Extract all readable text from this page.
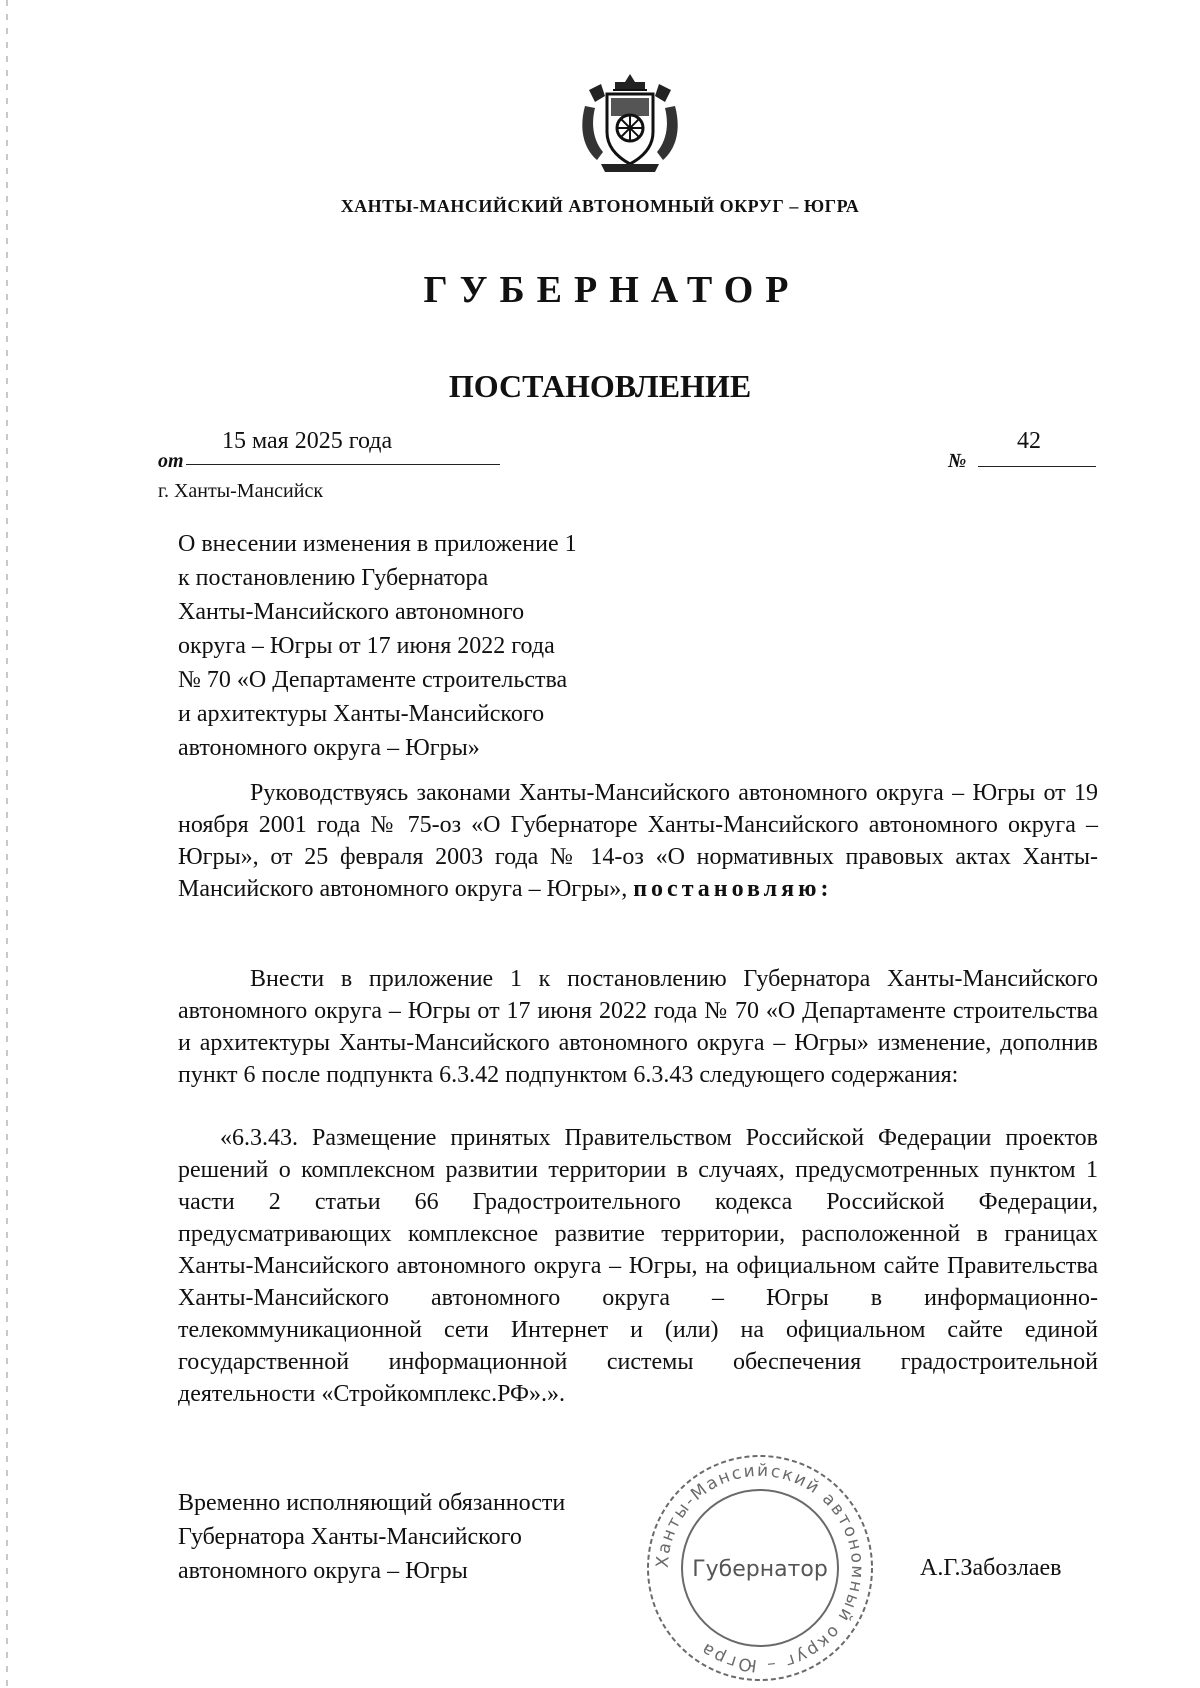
ХАНТЫ-МАНСИЙСКИЙ АВТОНОМНЫЙ ОКРУГ – ЮГРА
ГУБЕРНАТОР
ПОСТАНОВЛЕНИЕ
от
15 мая 2025 года
№
42
г. Ханты-Мансийск
О внесении изменения в приложение 1
к постановлению Губернатора
Ханты-Мансийского автономного
округа – Югры от 17 июня 2022 года
№ 70 «О Департаменте строительства
и архитектуры Ханты-Мансийского
автономного округа – Югры»

Руководствуясь законами Ханты-Мансийского автономного округа – Югры от 19 ноября 2001 года № 75-оз «О Губернаторе Ханты-Мансийского автономного округа – Югры», от 25 февраля 2003 года № 14-оз «О нормативных правовых актах Ханты-Мансийского автономного округа – Югры», постановляю:

Внести в приложение 1 к постановлению Губернатора Ханты-Мансийского автономного округа – Югры от 17 июня 2022 года № 70 «О Департаменте строительства и архитектуры Ханты-Мансийского автономного округа – Югры» изменение, дополнив пункт 6 после подпункта 6.3.42 подпунктом 6.3.43 следующего содержания:

«6.3.43. Размещение принятых Правительством Российской Федерации проектов решений о комплексном развитии территории в случаях, предусмотренных пунктом 1 части 2 статьи 66 Градостроительного кодекса Российской Федерации, предусматривающих комплексное развитие территории, расположенной в границах Ханты-Мансийского автономного округа – Югры, на официальном сайте Правительства Ханты-Мансийского автономного округа – Югры в информационно-телекоммуникационной сети Интернет и (или) на официальном сайте единой государственной информационной системы обеспечения градостроительной деятельности «Стройкомплекс.РФ».».

Временно исполняющий обязанности
Губернатора Ханты-Мансийского
автономного округа – Югры	Ханты-Мансийский автономный округ – Югра
Губернатор	А.Г.Забозлаев
